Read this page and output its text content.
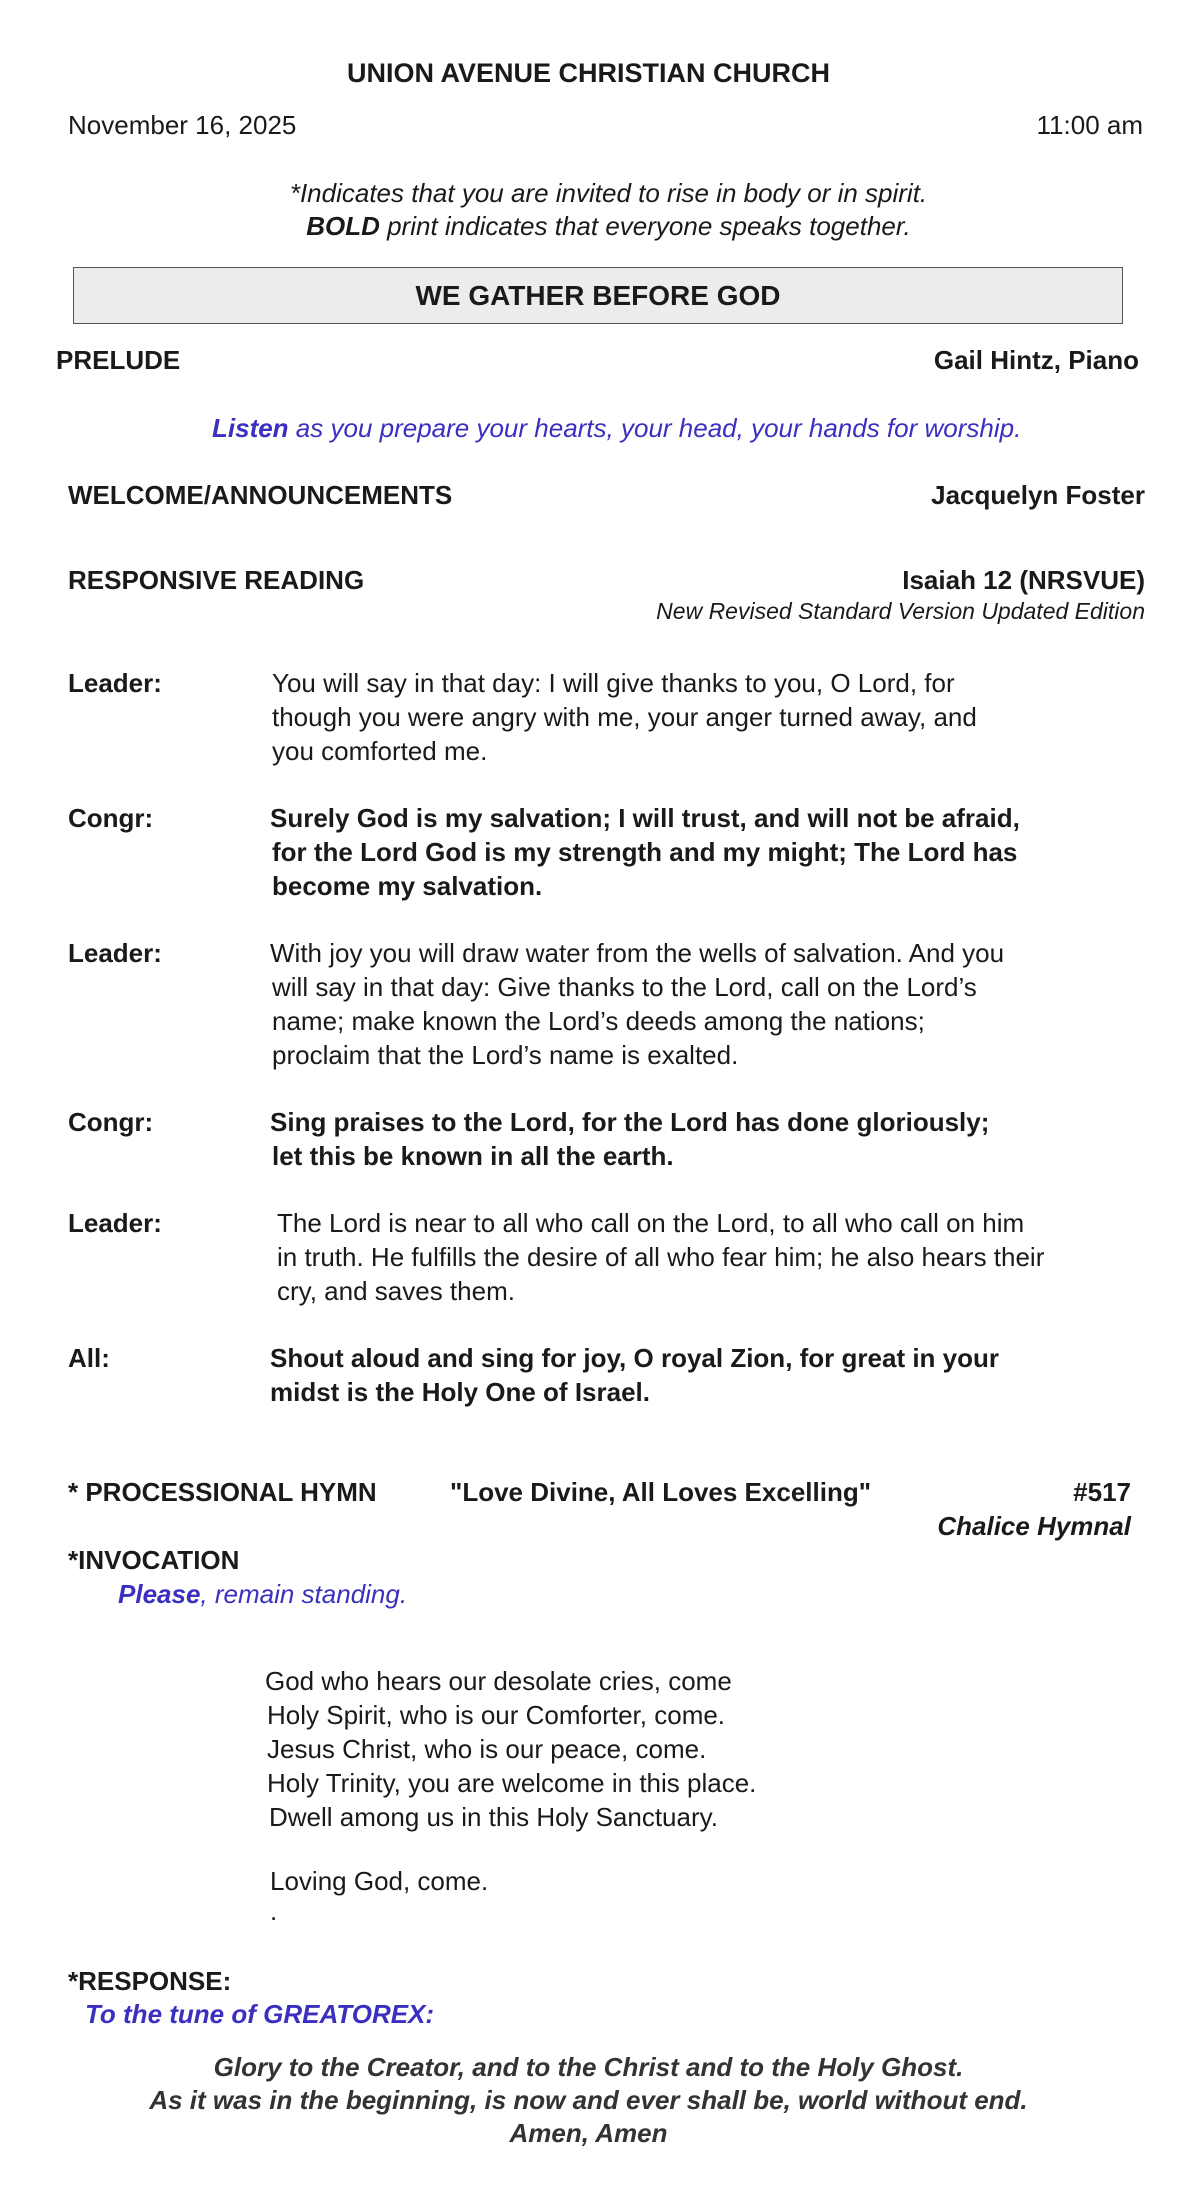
UNION AVENUE CHRISTIAN CHURCH
November 16, 2025	11:00 am
*Indicates that you are invited to rise in body or in spirit.
BOLD print indicates that everyone speaks together.
WE GATHER BEFORE GOD
PRELUDE	Gail Hintz, Piano
Listen as you prepare your hearts, your head, your hands for worship.
WELCOME/ANNOUNCEMENTS	Jacquelyn Foster
RESPONSIVE READING	Isaiah 12 (NRSVUE)
New Revised Standard Version Updated Edition
Leader:	You will say in that day: I will give thanks to you, O Lord, for
though you were angry with me, your anger turned away, and
you comforted me.
Congr:	Surely God is my salvation; I will trust, and will not be afraid,
for the Lord God is my strength and my might; The Lord has
become my salvation.
Leader:	With joy you will draw water from the wells of salvation. And you
will say in that day: Give thanks to the Lord, call on the Lord’s
name; make known the Lord’s deeds among the nations;
proclaim that the Lord’s name is exalted.
Congr:	Sing praises to the Lord, for the Lord has done gloriously;
let this be known in all the earth.
Leader:	The Lord is near to all who call on the Lord, to all who call on him
in truth. He fulfills the desire of all who fear him; he also hears their
cry, and saves them.
All:	Shout aloud and sing for joy, O royal Zion, for great in your
midst is the Holy One of Israel.
* PROCESSIONAL HYMN	"Love Divine, All Loves Excelling"	#517
Chalice Hymnal
*INVOCATION
Please, remain standing.
God who hears our desolate cries, come
Holy Spirit, who is our Comforter, come.
Jesus Christ, who is our peace, come.
Holy Trinity, you are welcome in this place.
Dwell among us in this Holy Sanctuary.
Loving God, come.
.
*RESPONSE:
To the tune of GREATOREX:
Glory to the Creator, and to the Christ and to the Holy Ghost.
As it was in the beginning, is now and ever shall be, world without end.
Amen, Amen
